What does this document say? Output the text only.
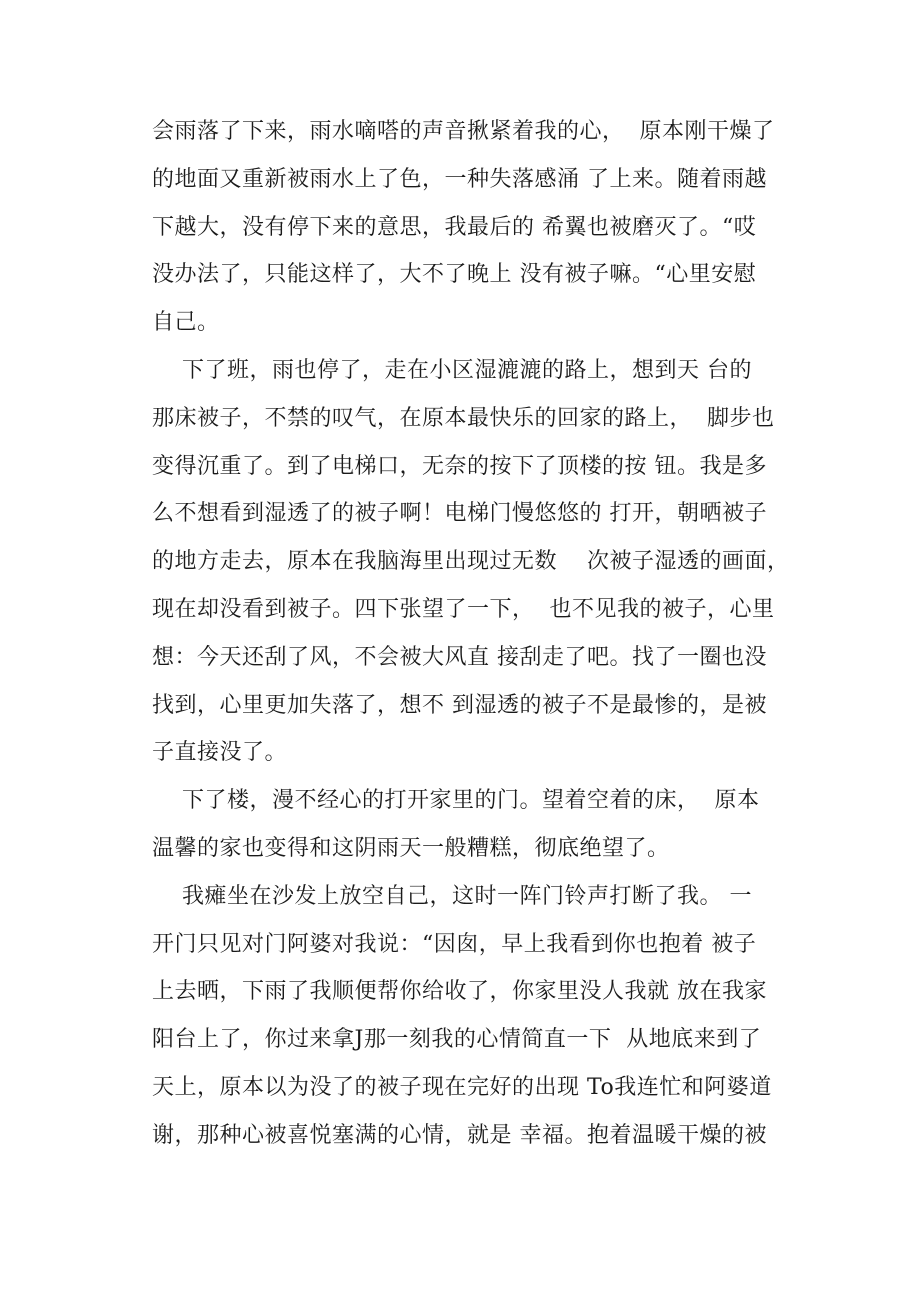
会雨落了下来，雨水嘀嗒的声音揪紧着我的心，  原本刚干燥了
的地面又重新被雨水上了色，一种失落感涌 了上来。随着雨越
下越大，没有停下来的意思，我最后的 希翼也被磨灭了。“哎
没办法了，只能这样了，大不了晚上 没有被子嘛。“心里安慰
自己。
下了班，雨也停了，走在小区湿漉漉的路上，想到天 台的
那床被子，不禁的叹气，在原本最快乐的回家的路上，  脚步也
变得沉重了。到了电梯口，无奈的按下了顶楼的按 钮。我是多
么不想看到湿透了的被子啊！电梯门慢悠悠的 打开，朝晒被子
的地方走去，原本在我脑海里出现过无数    次被子湿透的画面，
现在却没看到被子。四下张望了一下，  也不见我的被子，心里
想：今天还刮了风，不会被大风直 接刮走了吧。找了一圈也没
找到，心里更加失落了，想不 到湿透的被子不是最惨的，是被
子直接没了。
下了楼，漫不经心的打开家里的门。望着空着的床，  原本
温馨的家也变得和这阴雨天一般糟糕，彻底绝望了。
我瘫坐在沙发上放空自己，这时一阵门铃声打断了我。 一
开门只见对门阿婆对我说：“因囱，早上我看到你也抱着 被子
上去晒，下雨了我顺便帮你给收了，你家里没人我就 放在我家
阳台上了，你过来拿J那一刻我的心情简直一下  从地底来到了
天上，原本以为没了的被子现在完好的出现 To我连忙和阿婆道
谢，那种心被喜悦塞满的心情，就是 幸福。抱着温暖干燥的被
